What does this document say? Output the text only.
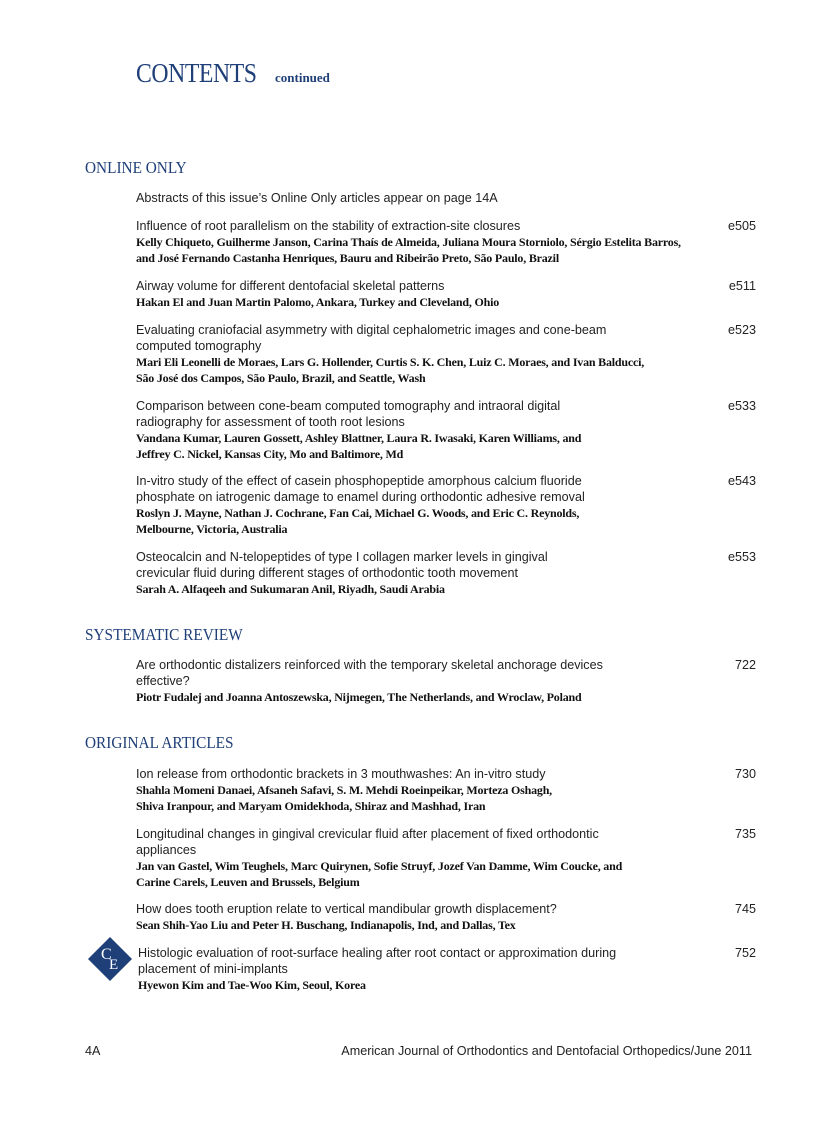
CONTENTS continued
ONLINE ONLY
Abstracts of this issue’s Online Only articles appear on page 14A
Influence of root parallelism on the stability of extraction-site closures
Kelly Chiqueto, Guilherme Janson, Carina Thaís de Almeida, Juliana Moura Storniolo, Sérgio Estelita Barros,
and José Fernando Castanha Henriques, Bauru and Ribeirão Preto, São Paulo, Brazil
e505
Airway volume for different dentofacial skeletal patterns
Hakan El and Juan Martin Palomo, Ankara, Turkey and Cleveland, Ohio
e511
Evaluating craniofacial asymmetry with digital cephalometric images and cone-beam
computed tomography
Mari Eli Leonelli de Moraes, Lars G. Hollender, Curtis S. K. Chen, Luiz C. Moraes, and Ivan Balducci,
São José dos Campos, São Paulo, Brazil, and Seattle, Wash
e523
Comparison between cone-beam computed tomography and intraoral digital
radiography for assessment of tooth root lesions
Vandana Kumar, Lauren Gossett, Ashley Blattner, Laura R. Iwasaki, Karen Williams, and
Jeffrey C. Nickel, Kansas City, Mo and Baltimore, Md
e533
In-vitro study of the effect of casein phosphopeptide amorphous calcium fluoride
phosphate on iatrogenic damage to enamel during orthodontic adhesive removal
Roslyn J. Mayne, Nathan J. Cochrane, Fan Cai, Michael G. Woods, and Eric C. Reynolds,
Melbourne, Victoria, Australia
e543
Osteocalcin and N-telopeptides of type I collagen marker levels in gingival
crevicular fluid during different stages of orthodontic tooth movement
Sarah A. Alfaqeeh and Sukumaran Anil, Riyadh, Saudi Arabia
e553
SYSTEMATIC REVIEW
Are orthodontic distalizers reinforced with the temporary skeletal anchorage devices
effective?
Piotr Fudalej and Joanna Antoszewska, Nijmegen, The Netherlands, and Wroclaw, Poland
722
ORIGINAL ARTICLES
Ion release from orthodontic brackets in 3 mouthwashes: An in-vitro study
Shahla Momeni Danaei, Afsaneh Safavi, S. M. Mehdi Roeinpeikar, Morteza Oshagh,
Shiva Iranpour, and Maryam Omidekhoda, Shiraz and Mashhad, Iran
730
Longitudinal changes in gingival crevicular fluid after placement of fixed orthodontic
appliances
Jan van Gastel, Wim Teughels, Marc Quirynen, Sofie Struyf, Jozef Van Damme, Wim Coucke, and
Carine Carels, Leuven and Brussels, Belgium
735
How does tooth eruption relate to vertical mandibular growth displacement?
Sean Shih-Yao Liu and Peter H. Buschang, Indianapolis, Ind, and Dallas, Tex
745
Histologic evaluation of root-surface healing after root contact or approximation during
placement of mini-implants
Hyewon Kim and Tae-Woo Kim, Seoul, Korea
752
C
E
4A	American Journal of Orthodontics and Dentofacial Orthopedics/June 2011
